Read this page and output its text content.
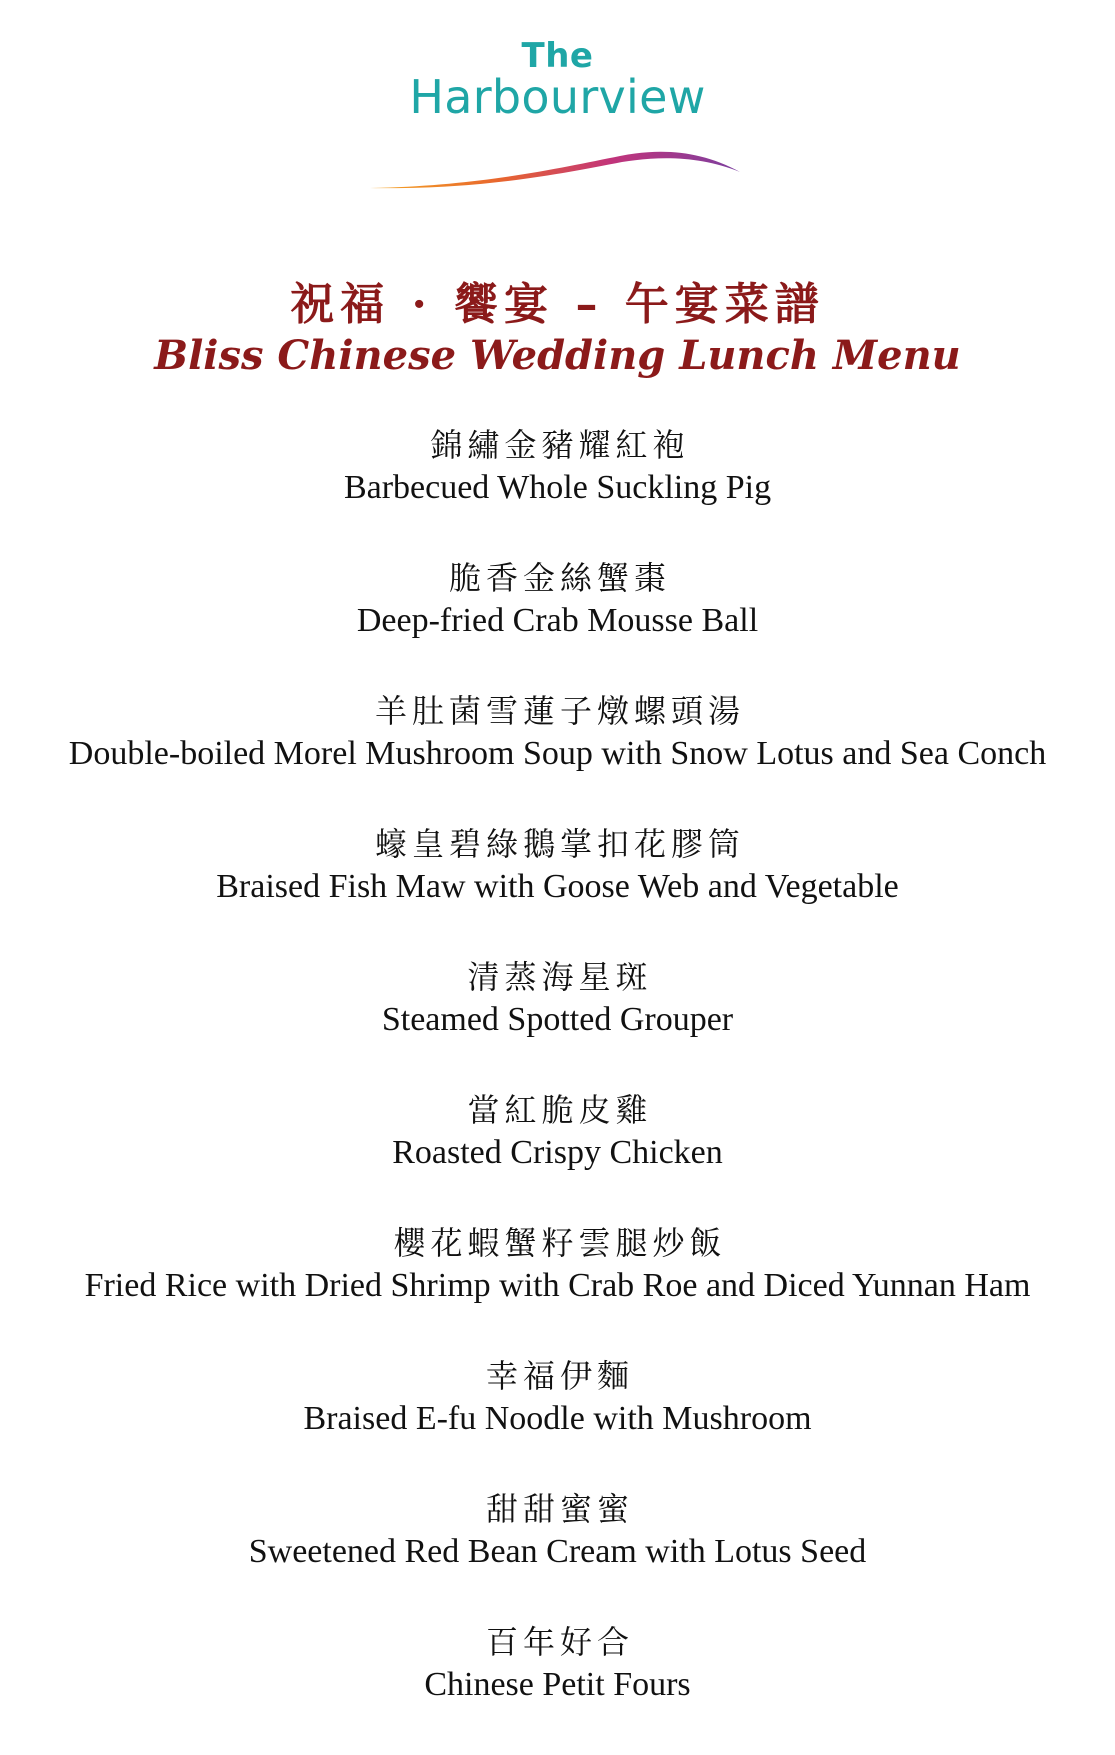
The
Harbourview
祝福 · 饗宴 – 午宴菜譜
Bliss Chinese Wedding Lunch Menu
錦繡金豬耀紅袍
Barbecued Whole Suckling Pig
脆香金絲蟹棗
Deep-fried Crab Mousse Ball
羊肚菌雪蓮子燉螺頭湯
Double-boiled Morel Mushroom Soup with Snow Lotus and Sea Conch
蠔皇碧綠鵝掌扣花膠筒
Braised Fish Maw with Goose Web and Vegetable
清蒸海星斑
Steamed Spotted Grouper
當紅脆皮雞
Roasted Crispy Chicken
櫻花蝦蟹籽雲腿炒飯
Fried Rice with Dried Shrimp with Crab Roe and Diced Yunnan Ham
幸福伊麵
Braised E-fu Noodle with Mushroom
甜甜蜜蜜
Sweetened Red Bean Cream with Lotus Seed
百年好合
Chinese Petit Fours
